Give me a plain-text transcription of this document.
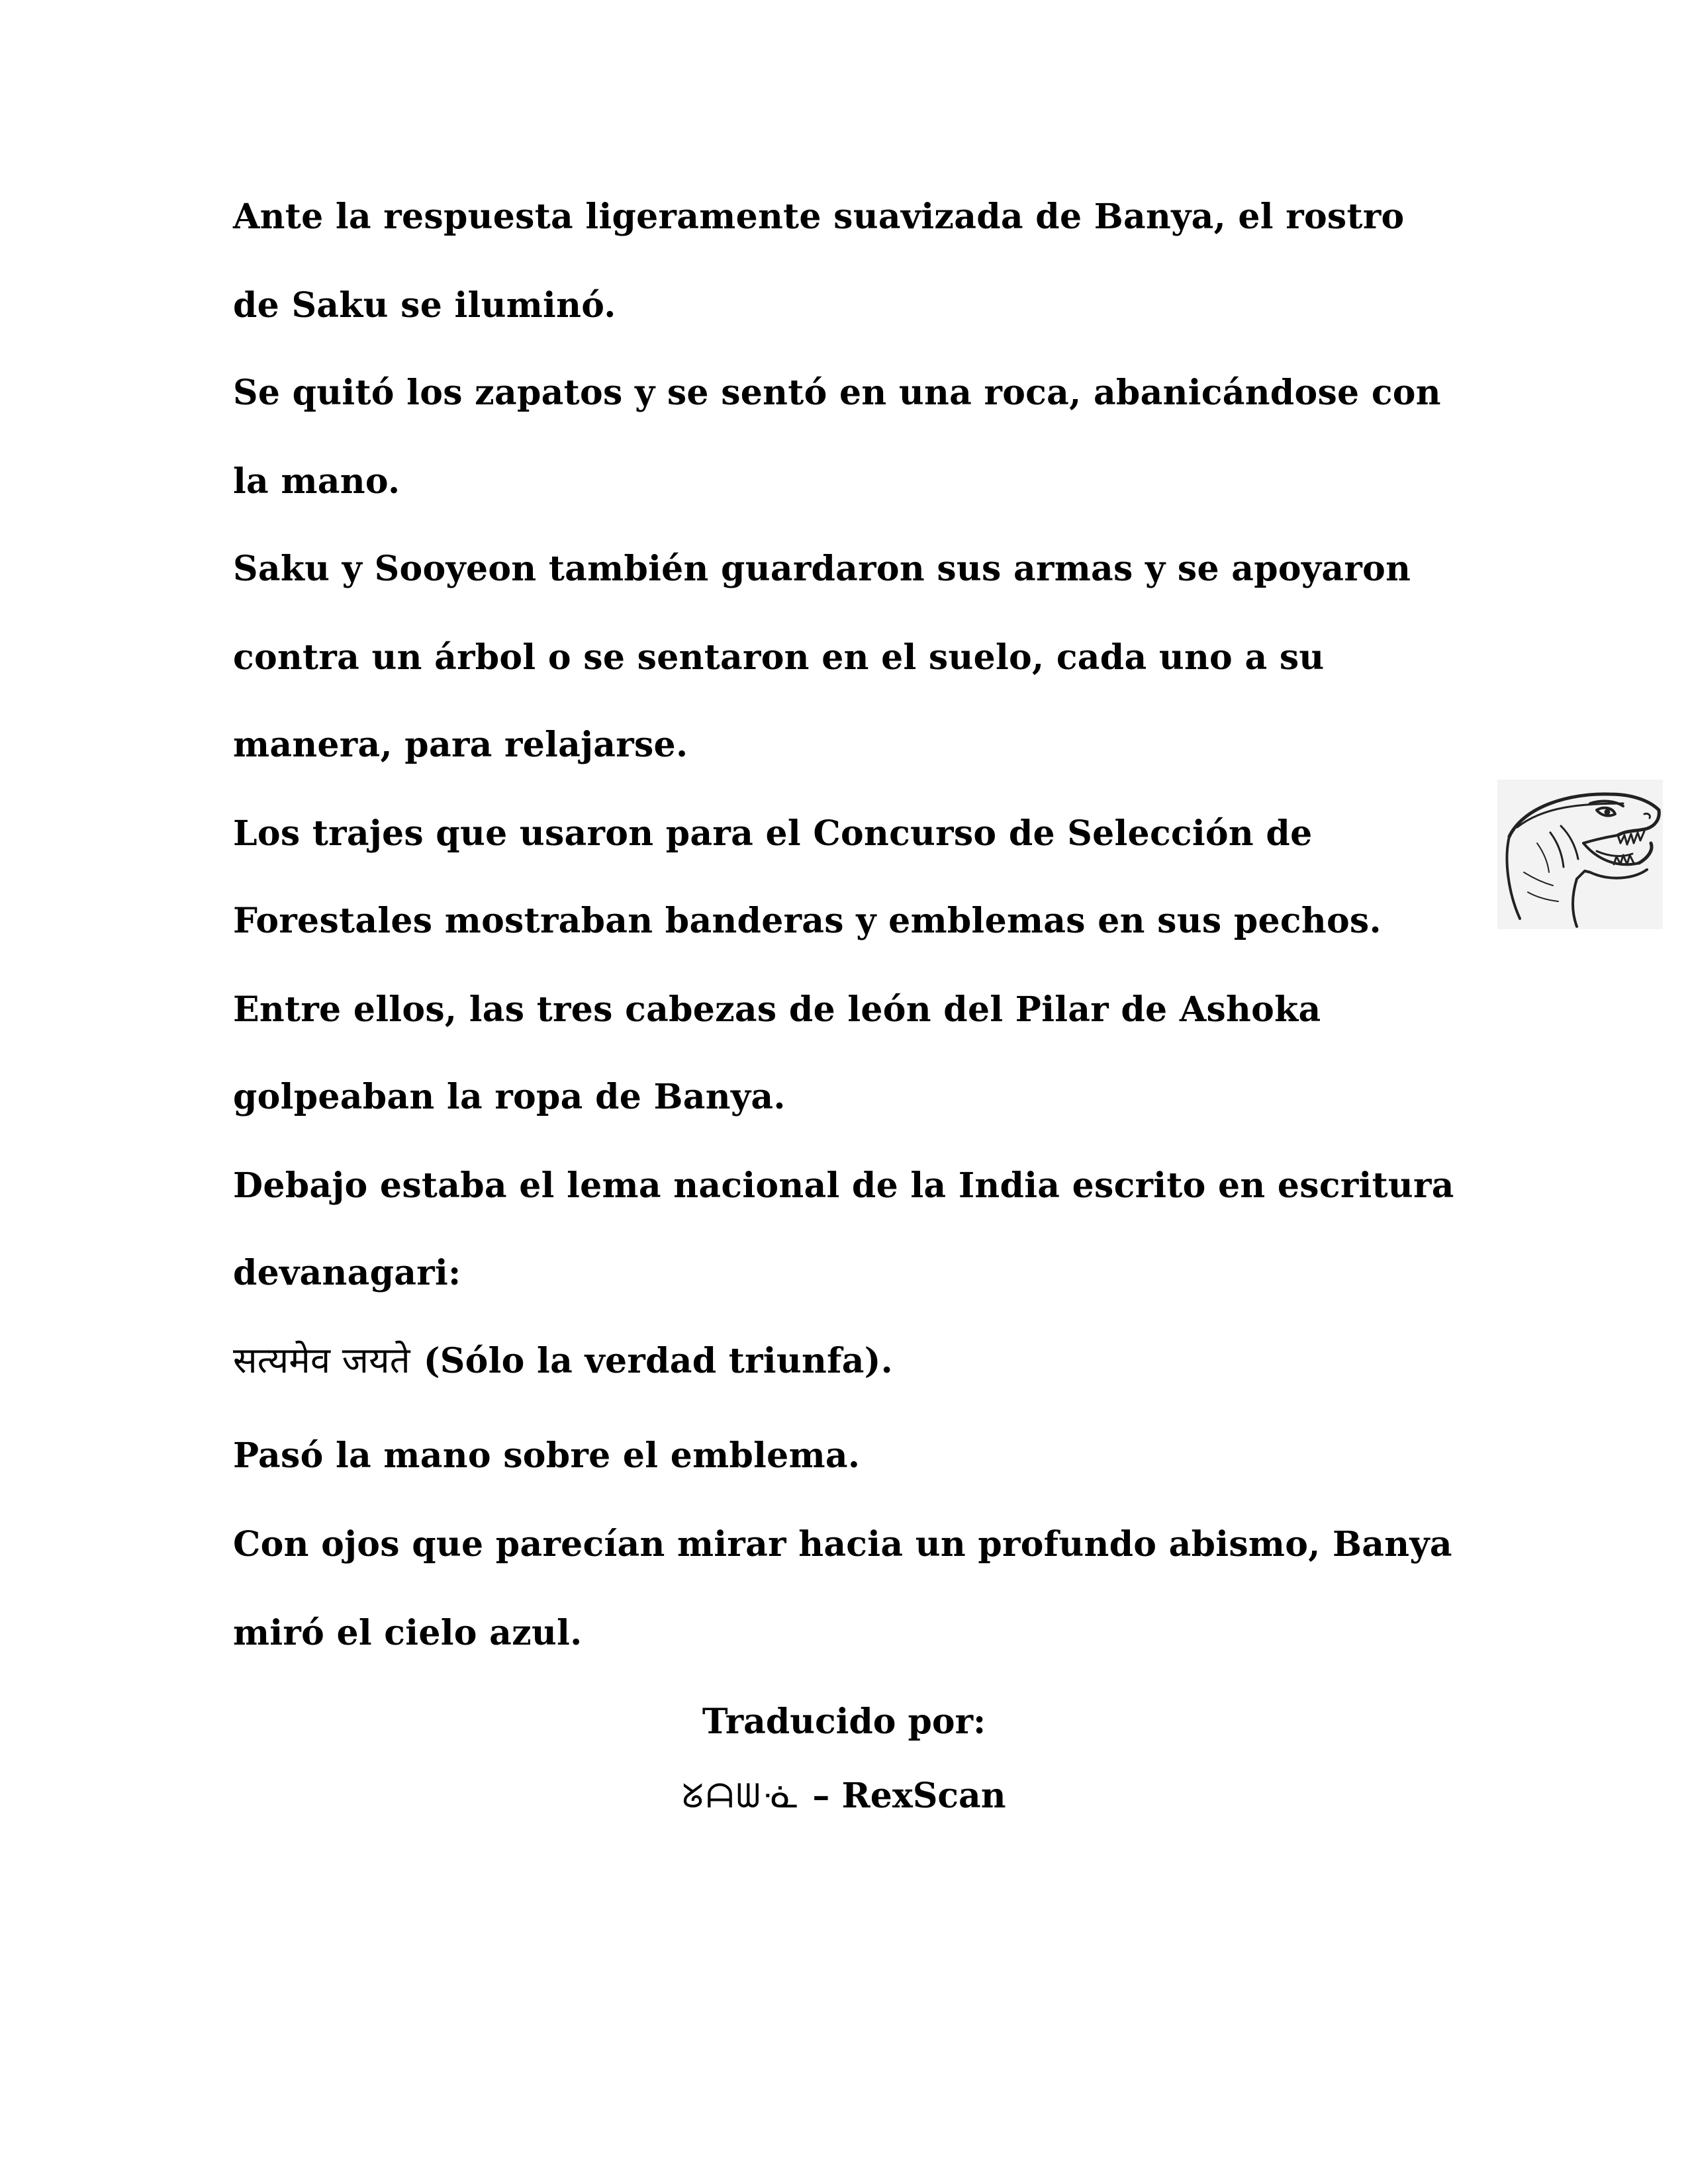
Ante la respuesta ligeramente suavizada de Banya, el rostro
de Saku se iluminó.
Se quitó los zapatos y se sentó en una roca, abanicándose con
la mano.
Saku y Sooyeon también guardaron sus armas y se apoyaron
contra un árbol o se sentaron en el suelo, cada uno a su
manera, para relajarse.
Los trajes que usaron para el Concurso de Selección de
Forestales mostraban banderas y emblemas en sus pechos.
Entre ellos, las tres cabezas de león del Pilar de Ashoka
golpeaban la ropa de Banya.
Debajo estaba el lema nacional de la India escrito en escritura
devanagari:
सत्यमेव जयते (Sólo la verdad triunfa).
Pasó la mano sobre el emblema.
Con ojos que parecían mirar hacia un profundo abismo, Banya
miró el cielo azul.
Traducido por:
ᘜᗩᗯᓍ – RexScan
